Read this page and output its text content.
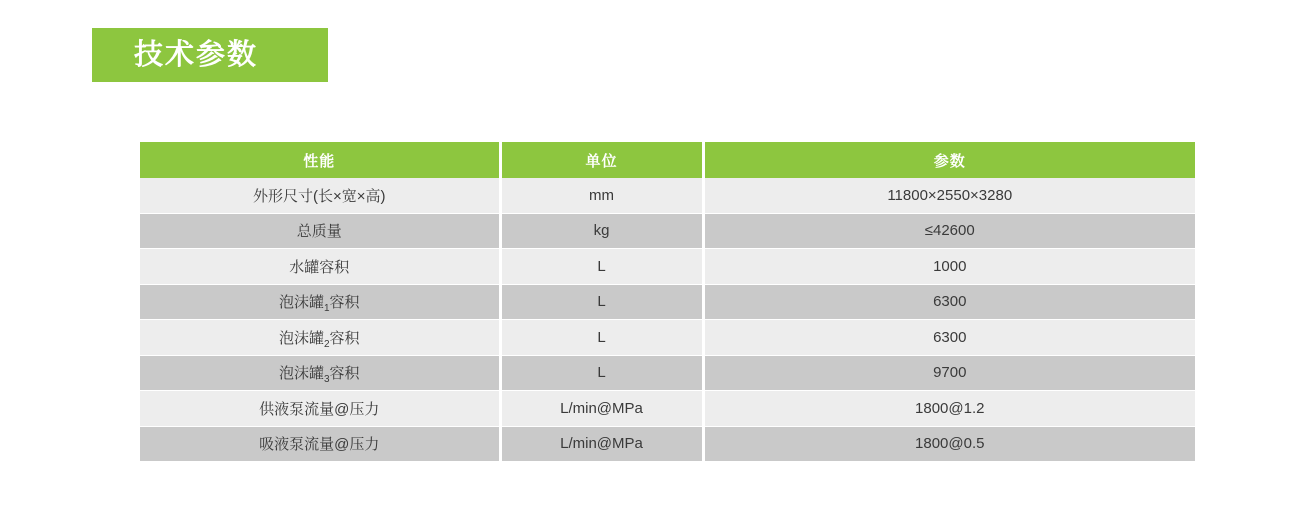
技术参数
性能	单位	参数
外形尺寸(长×宽×高)	mm	11800×2550×3280
总质量	kg	≤42600
水罐容积	L	1000
泡沫罐$_1$容积	L	6300
泡沫罐$_2$容积	L	6300
泡沫罐$_3$容积	L	9700
供液泵流量@压力	L/min@MPa	1800@1.2
吸液泵流量@压力	L/min@MPa	1800@0.5
